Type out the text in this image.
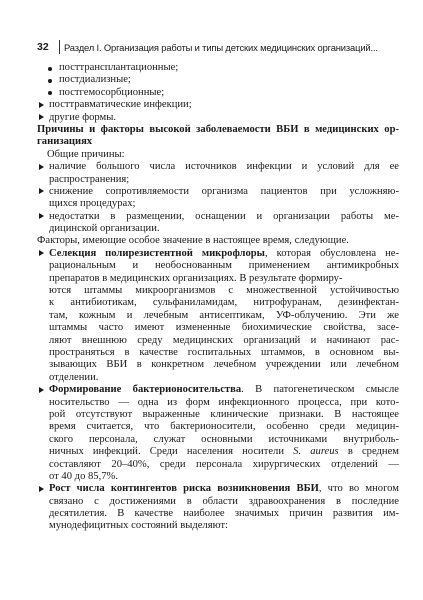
32 Раздел I. Организация работы и типы детских медицинских организаций...
посттрансплантационные;
постдиализные;
постгемосорбционные;
посттравматические инфекции;
другие формы.
Причины и факторы высокой заболеваемости ВБИ в медицинских ор-
ганизациях
Общие причины:
наличие большого числа источников инфекции и условий для ее
распространения;
снижение сопротивляемости организма пациентов при усложняю-
щихся процедурах;
недостатки в размещении, оснащении и организации работы ме-
дицинской организации.
Факторы, имеющие особое значение в настоящее время, следующие.
Селекция полирезистентной микрофлоры, которая обусловлена не-
рациональным и необоснованным применением антимикробных
препаратов в медицинских организациях. В результате формиру-
ются штаммы микроорганизмов с множественной устойчивостью
к антибиотикам, сульфаниламидам, нитрофуранам, дезинфектан-
там, кожным и лечебным антисептикам, УФ-облучению. Эти же
штаммы часто имеют измененные биохимические свойства, засе-
ляют внешнюю среду медицинских организаций и начинают рас-
пространяться в качестве госпитальных штаммов, в основном вы-
зывающих ВБИ в конкретном лечебном учреждении или лечебном
отделении.
Формирование бактерионосительства. В патогенетическом смысле
носительство — одна из форм инфекционного процесса, при кото-
рой отсутствуют выраженные клинические признаки. В настоящее
время считается, что бактерионосители, особенно среди медицин-
ского персонала, служат основными источниками внутриболь-
ничных инфекций. Среди населения носители S. aureus в среднем
составляют 20–40%, среди персонала хирургических отделений —
от 40 до 85,7%.
Рост числа контингентов риска возникновения ВБИ, что во многом
связано с достижениями в области здравоохранения в последние
десятилетия. В качестве наиболее значимых причин развития им-
мунодефицитных состояний выделяют:
